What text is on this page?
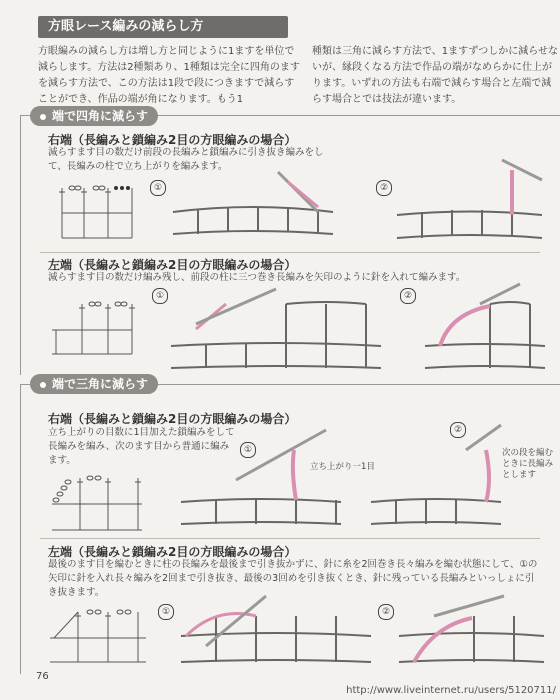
方眼レース編みの減らし方
方眼編みの減らし方は増し方と同じように1ますを単位で減らします。方法は2種類あり、1種類は完全に四角のますを減らす方法で、この方法は1段で段につきますで減らすことができ、作品の端が角になります。もう1
種類は三角に減らす方法で、1ますずつしかに減らせないが、縁段くなる方法で作品の端がなめらかに仕上がります。いずれの方法も右端で減らす場合と左端で減らす場合とでは技法が違います。
端で四角に減らす
右端（長編みと鎖編み2目の方眼編みの場合）
減らすます目の数だけ前段の長編みと鎖編みに引き抜き編みをして、長編みの柱で立ち上がりを編みます。
①	②
左端（長編みと鎖編み2目の方眼編みの場合）
減らすます目の数だけ編み残し、前段の柱に三つ巻き長編みを矢印のように針を入れて編みます。
①	②
端で三角に減らす
右端（長編みと鎖編み2目の方眼編みの場合）
立ち上がりの目数に1目加えた鎖編みをして長編みを編み、次のます目から普通に編みます。
①
②
立ち上がり一1目
次の段を編むときに長編みとします
左端（長編みと鎖編み2目の方眼編みの場合）
最後のます目を編むときに柱の長編みを最後まで引き抜かずに、針に糸を2回巻き長々編みを編む状態にして、①の矢印に針を入れ長々編みを2回まで引き抜き、最後の3回めを引き抜くとき、針に残っている長編みといっしょに引き抜きます。
①	②
76
http://www.liveinternet.ru/users/5120711/
